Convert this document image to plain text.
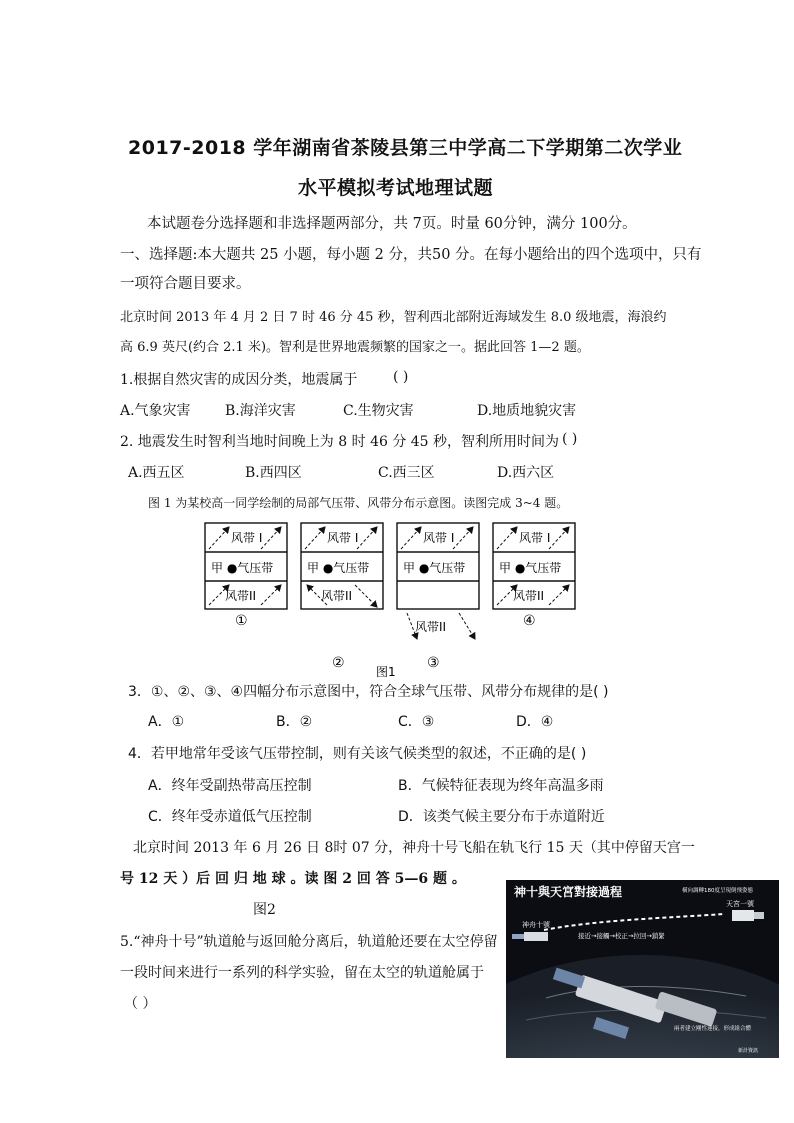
2017-2018 学年湖南省茶陵县第三中学高二下学期第二次学业
水平模拟考试地理试题
本试题卷分选择题和非选择题两部分，共 7页。时量 60分钟，满分 100分。
一、选择题:本大题共 25 小题，每小题 2 分，共50 分。在每小题给出的四个选项中，只有
一项符合题目要求。
北京时间 2013 年 4 月 2 日 7 时 46 分 45 秒，智利西北部附近海域发生 8.0 级地震，海浪约
高 6.9 英尺(约合 2.1 米)。智利是世界地震频繁的国家之一。据此回答 1—2 题。
1.根据自然灾害的成因分类，地震属于	( )
A.气象灾害 B.海洋灾害	C.生物灾害	D.地质地貌灾害
2. 地震发生时智利当地时间晚上为 8 时 46 分 45 秒，智利所用时间为 ( )
A.西五区	B.西四区	C.西三区	D.西六区
图 1 为某校高一同学绘制的局部气压带、风带分布示意图。读图完成 3~4 题。
风带 I
甲 ●气压带
风带II
风带 I
甲 ●气压带
风带II
风带 I
甲 ●气压带
风带II
风带 I
甲 ●气压带
风带II
①
②	③
④
图1
3．①、②、③、④四幅分布示意图中，符合全球气压带、风带分布规律的是( )
A．①	B．②	C．③	D．④
4．若甲地常年受该气压带控制，则有关该气候类型的叙述，不正确的是( )
A．终年受副热带高压控制	B．气候特征表现为终年高温多雨
C．终年受赤道低气压控制	D．该类气候主要分布于赤道附近
北京时间 2013 年 6 月 26 日 8时 07 分，神舟十号飞船在轨飞行 15 天（其中停留天宫一
号 12 天 ）后 回 归 地 球 。读 图 2 回 答 5—6 题 。
图2
5.“神舟十号”轨道舱与返回舱分离后，轨道舱还要在太空停留
一段时间来进行一系列的科学实验，留在太空的轨道舱属于
（ ）
神十與天宮對接過程
神舟十號
天宮一號
接近→接觸→校正→拉回→鎖緊
橫向調轉180度呈現倒飛姿態
兩者建立剛性連接，形成組合體
新計資訊
